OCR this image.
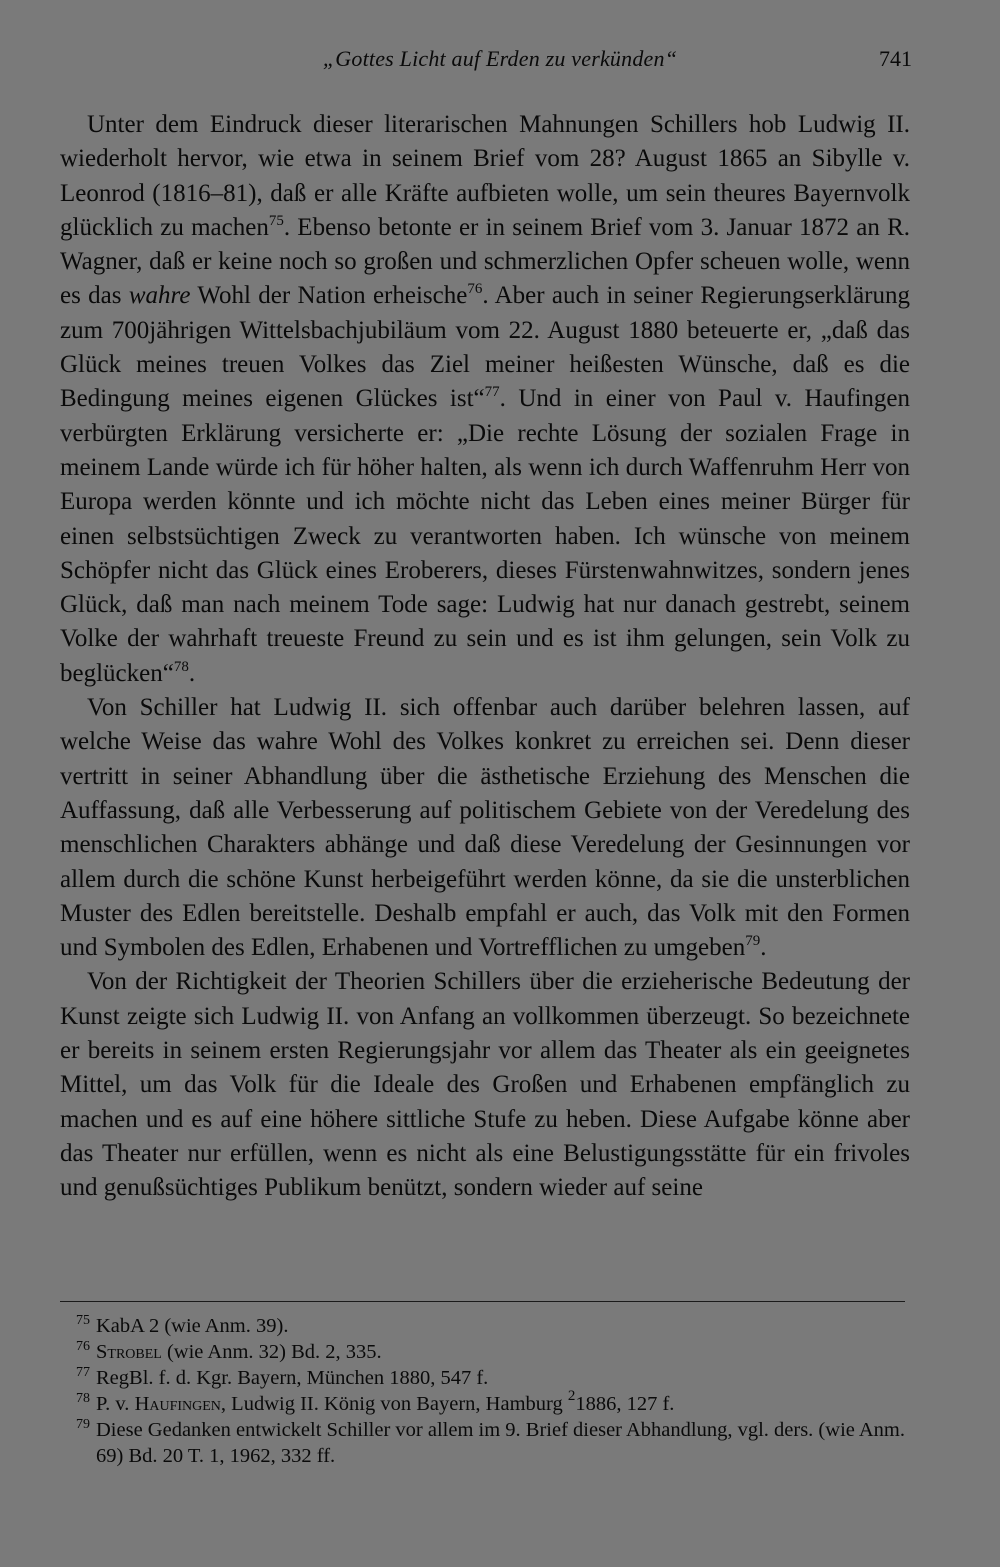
„Gottes Licht auf Erden zu verkünden“	741

Unter dem Eindruck dieser literarischen Mahnungen Schillers hob Ludwig II. wiederholt hervor, wie etwa in seinem Brief vom 28? August 1865 an Sibylle v. Leonrod (1816–81), daß er alle Kräfte aufbieten wolle, um sein theures Bayernvolk glücklich zu machen$^{75}$. Ebenso betonte er in seinem Brief vom 3. Januar 1872 an R. Wagner, daß er keine noch so großen und schmerzlichen Opfer scheuen wolle, wenn es das wahre Wohl der Nation erheische$^{76}$. Aber auch in seiner Regierungserklärung zum 700jährigen Wittelsbachjubiläum vom 22. August 1880 beteuerte er, „daß das Glück meines treuen Volkes das Ziel meiner heißesten Wünsche, daß es die Bedingung meines eigenen Glückes ist“$^{77}$. Und in einer von Paul v. Haufingen verbürgten Erklärung versicherte er: „Die rechte Lösung der sozialen Frage in meinem Lande würde ich für höher halten, als wenn ich durch Waffenruhm Herr von Europa werden könnte und ich möchte nicht das Leben eines meiner Bürger für einen selbstsüchtigen Zweck zu verantworten haben. Ich wünsche von meinem Schöpfer nicht das Glück eines Eroberers, dieses Fürstenwahnwitzes, sondern jenes Glück, daß man nach meinem Tode sage: Ludwig hat nur danach gestrebt, seinem Volke der wahrhaft treueste Freund zu sein und es ist ihm gelungen, sein Volk zu beglücken“$^{78}$.

Von Schiller hat Ludwig II. sich offenbar auch darüber belehren lassen, auf welche Weise das wahre Wohl des Volkes konkret zu erreichen sei. Denn dieser vertritt in seiner Abhandlung über die ästhetische Erziehung des Menschen die Auffassung, daß alle Verbesserung auf politischem Gebiete von der Veredelung des menschlichen Charakters abhänge und daß diese Veredelung der Gesinnungen vor allem durch die schöne Kunst herbeigeführt werden könne, da sie die unsterblichen Muster des Edlen bereitstelle. Deshalb empfahl er auch, das Volk mit den Formen und Symbolen des Edlen, Erhabenen und Vortrefflichen zu umgeben$^{79}$.

Von der Richtigkeit der Theorien Schillers über die erzieherische Bedeutung der Kunst zeigte sich Ludwig II. von Anfang an vollkommen überzeugt. So bezeichnete er bereits in seinem ersten Regierungsjahr vor allem das Theater als ein geeignetes Mittel, um das Volk für die Ideale des Großen und Erhabenen empfänglich zu machen und es auf eine höhere sittliche Stufe zu heben. Diese Aufgabe könne aber das Theater nur erfüllen, wenn es nicht als eine Belustigungsstätte für ein frivoles und genußsüchtiges Publikum benützt, sondern wieder auf seine

$^{75}$ KabA 2 (wie Anm. 39).

$^{76}$ Strobel (wie Anm. 32) Bd. 2, 335.

$^{77}$ RegBl. f. d. Kgr. Bayern, München 1880, 547 f.

$^{78}$ P. v. Haufingen, Ludwig II. König von Bayern, Hamburg $^2$1886, 127 f.

$^{79}$ Diese Gedanken entwickelt Schiller vor allem im 9. Brief dieser Abhandlung, vgl. ders. (wie Anm. 69) Bd. 20 T. 1, 1962, 332 ff.
